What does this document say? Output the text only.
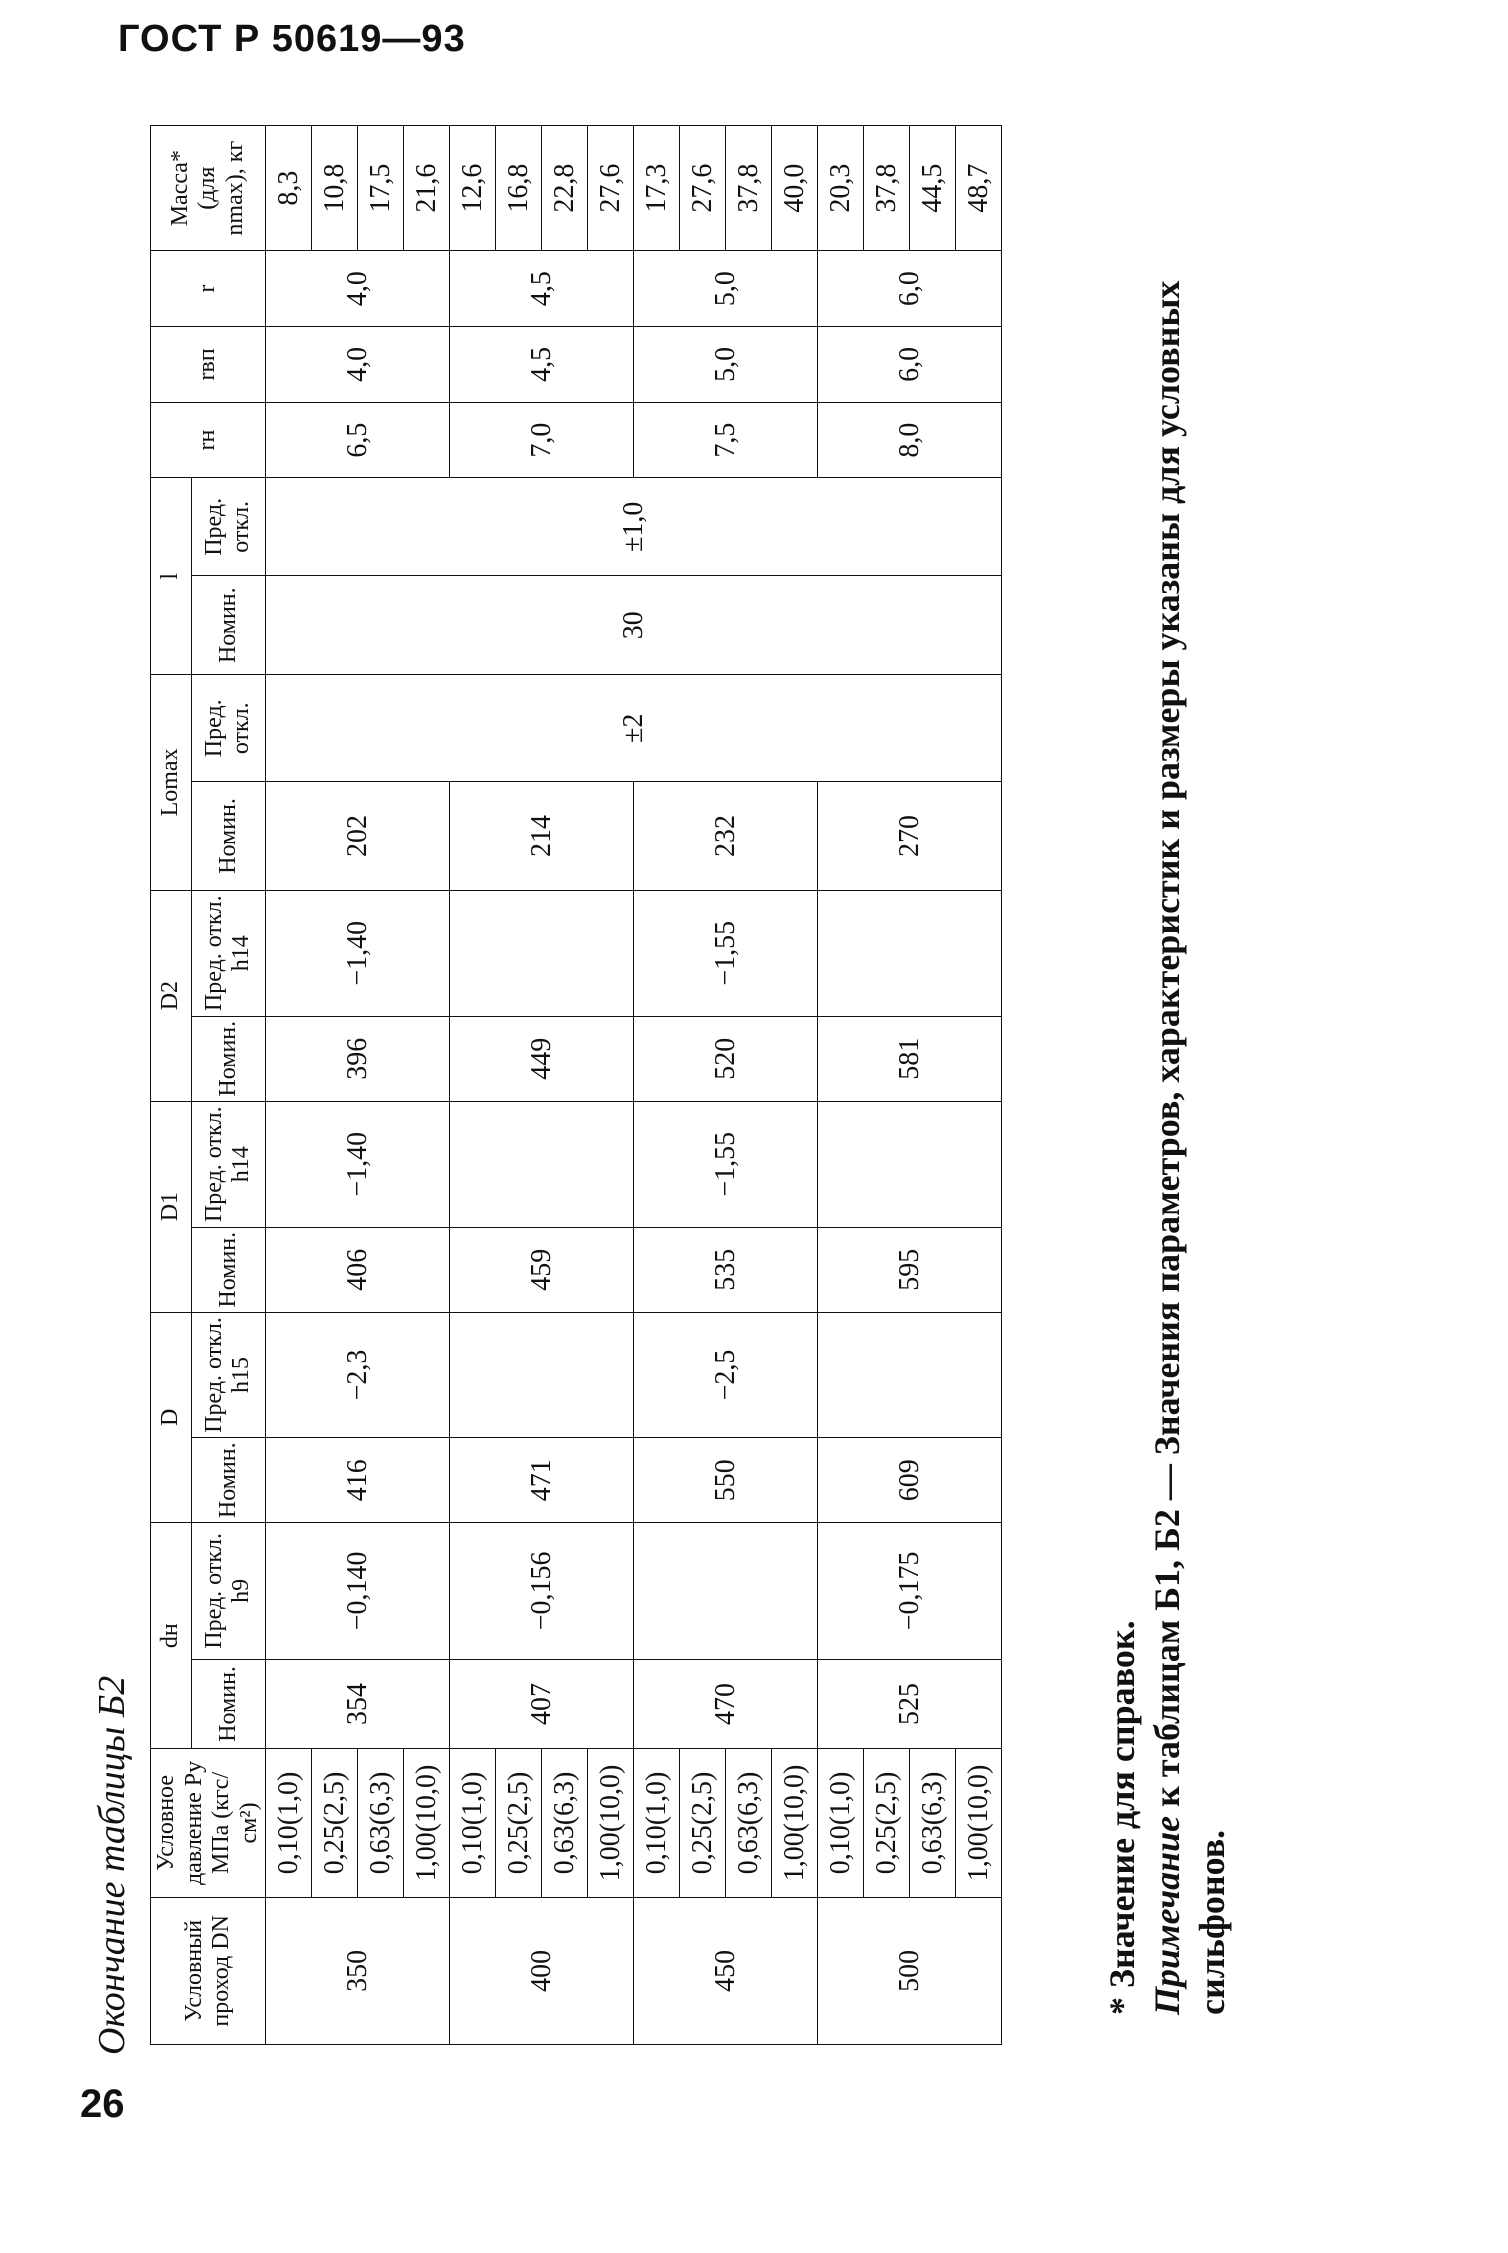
ГОСТ Р 50619—93
Окончание таблицы Б2 Условный проход DN	Условное давление Ру МПа (кгс/см²)	dн		D		D1		D2		Lomax		l		rн	rвп	r	Масса* (для nmax), кг
		Номин.	Пред. откл. h9	Номин.	Пред. откл. h15	Номин.	Пред. откл. h14	Номин.	Пред. откл. h14	Номин.	Пред. откл.	Номин.	Пред. откл.				
350	0,10(1,0)	354	−0,140	416	−2,3	406	−1,40	396	−1,40	202	±2	30	±1,0	6,5	4,0	4,0	8,3
	0,25(2,5)																10,8
	0,63(6,3)																17,5
	1,00(10,0)																21,6
400	0,10(1,0)	407	−0,156	471		459		449		214				7,0	4,5	4,5	12,6
	0,25(2,5)																16,8
	0,63(6,3)																22,8
	1,00(10,0)																27,6
450	0,10(1,0)	470		550	−2,5	535	−1,55	520	−1,55	232				7,5	5,0	5,0	17,3
	0,25(2,5)																27,6
	0,63(6,3)																37,8
	1,00(10,0)																40,0
500	0,10(1,0)	525	−0,175	609		595		581		270				8,0	6,0	6,0	20,3
	0,25(2,5)																37,8
	0,63(6,3)																44,5
	1,00(10,0)																48,7
* Значение для справок. Примечание к таблицам Б1, Б2 — Значения параметров, характеристик и размеры указаны для условных сильфонов.
26
